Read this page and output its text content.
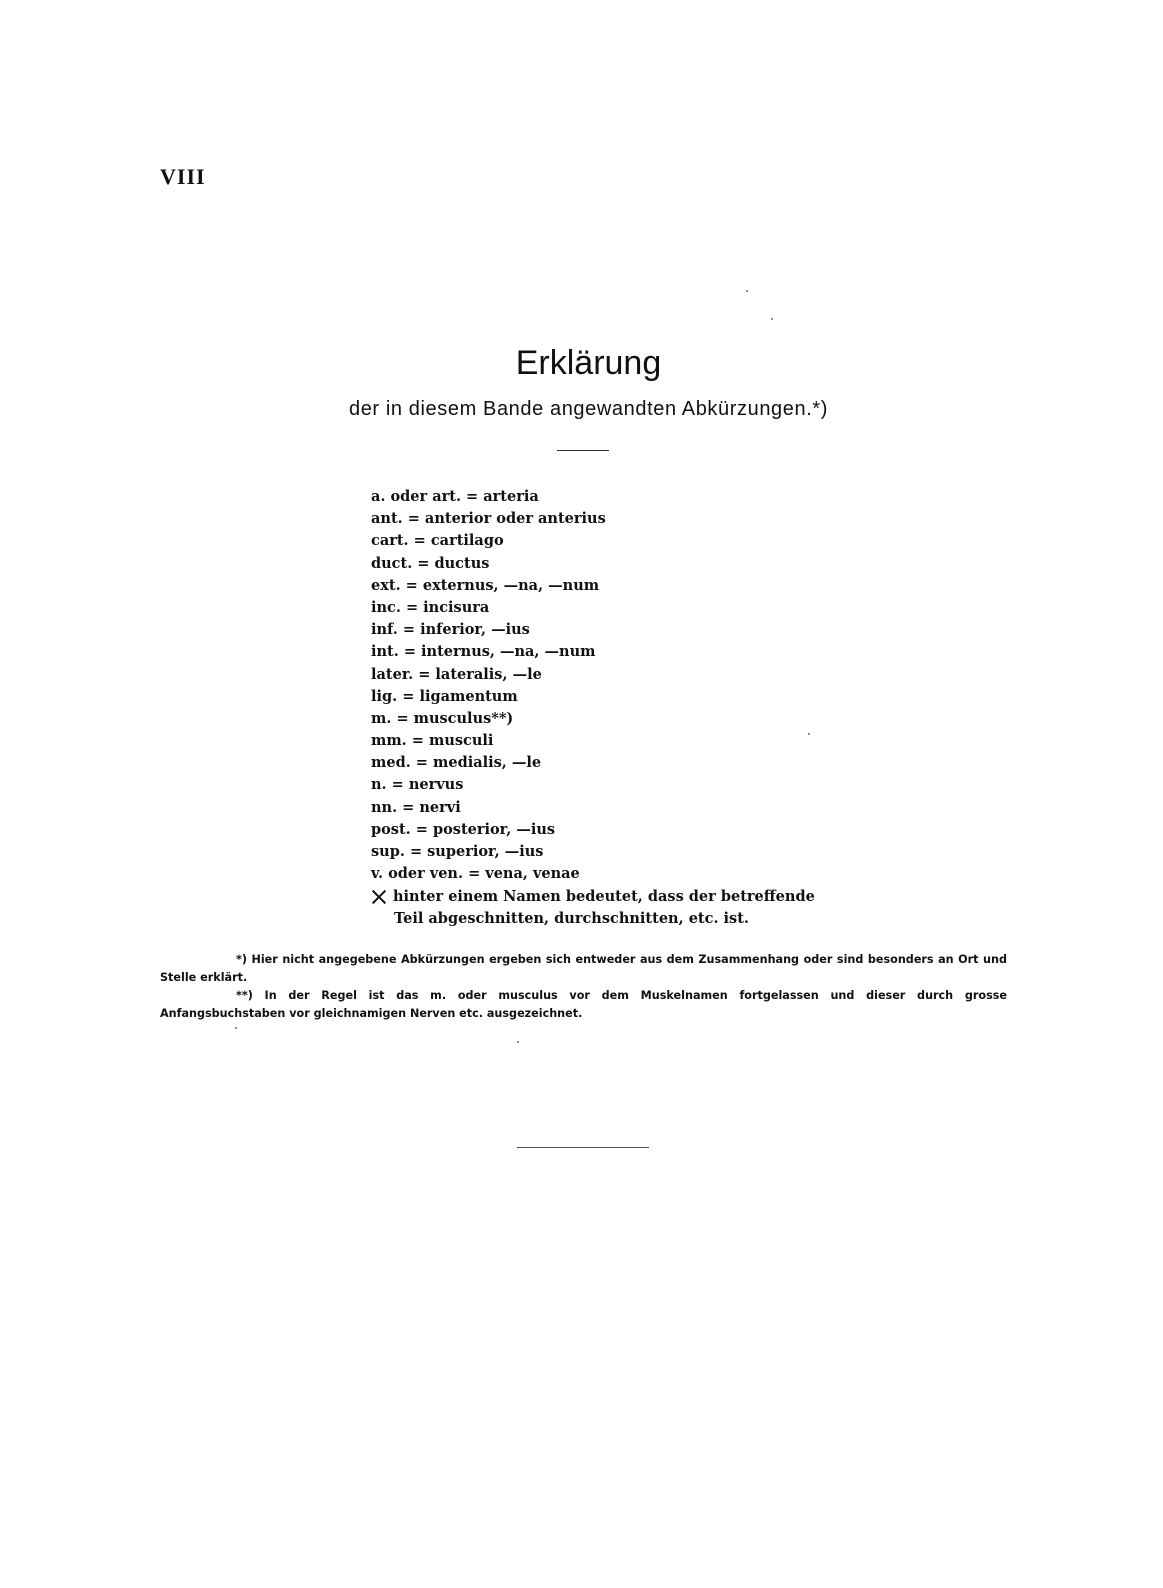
VIII
Erklärung
der in diesem Bande angewandten Abkürzungen.*)
a. oder art. = arteria
ant. = anterior oder anterius
cart. = cartilago
duct. = ductus
ext. = externus, —na, —num
inc. = incisura
inf. = inferior, —ius
int. = internus, —na, —num
later. = lateralis, —le
lig. = ligamentum
m. = musculus**)
mm. = musculi
med. = medialis, —le
n. = nervus
nn. = nervi
post. = posterior, —ius
sup. = superior, —ius
v. oder ven. = vena, venae
hinter einem Namen bedeutet, dass der betreffende
Teil abgeschnitten, durchschnitten, etc. ist.

*) Hier nicht angegebene Abkürzungen ergeben sich entweder aus dem Zusammenhang oder sind besonders an Ort und Stelle erklärt.

**) In der Regel ist das m. oder musculus vor dem Muskelnamen fortgelassen und dieser durch grosse Anfangsbuchstaben vor gleichnamigen Nerven etc. ausgezeichnet.
